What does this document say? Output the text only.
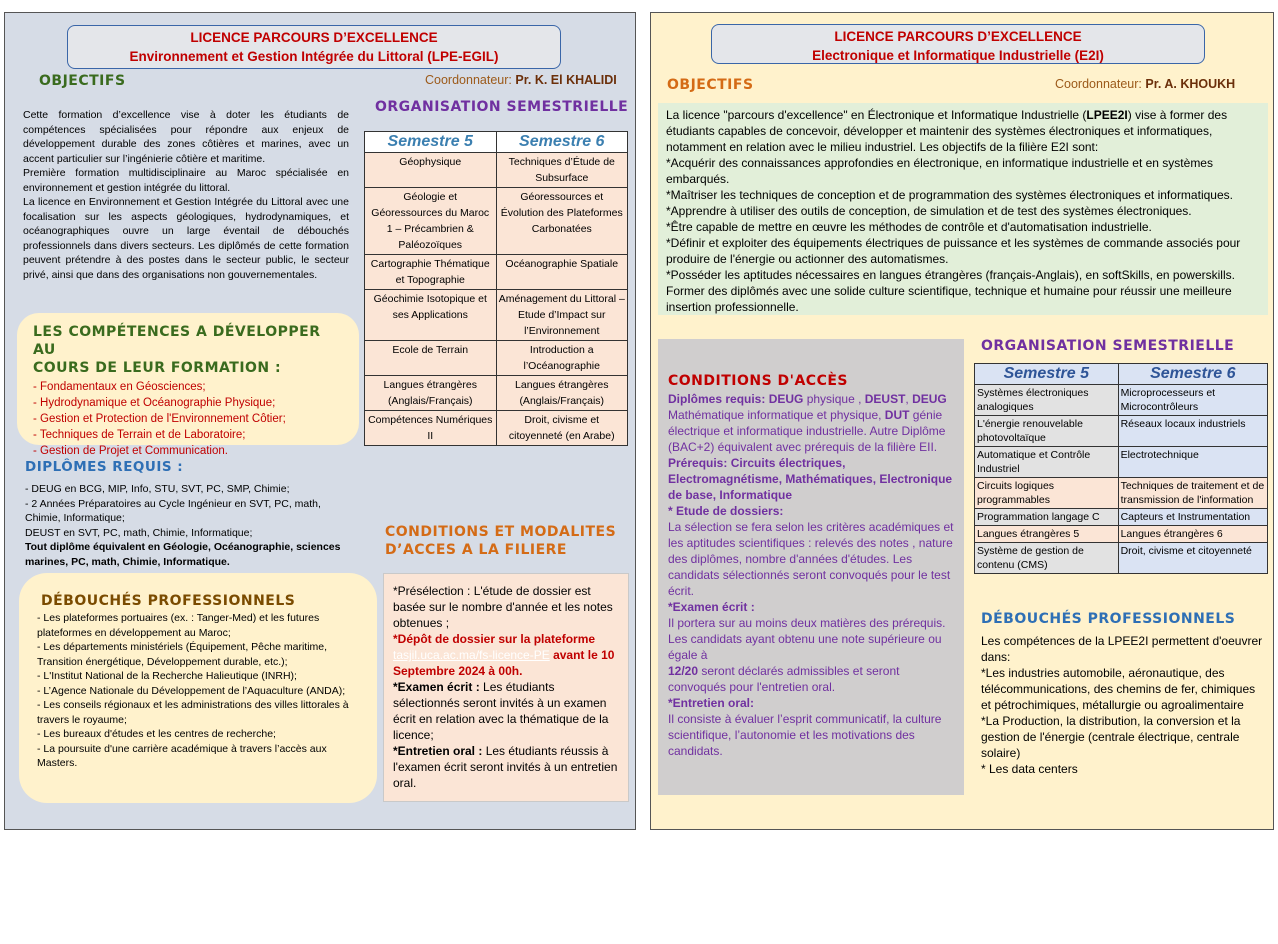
LICENCE PARCOURS D’EXCELLENCE
Environnement et Gestion Intégrée du Littoral (LPE-EGIL)
OBJECTIFS	Coordonnateur: Pr. K. El KHALIDI
Cette formation d’excellence vise à doter les étudiants de compétences spécialisées pour répondre aux enjeux de développement durable des zones côtières et marines, avec un accent particulier sur l’ingénierie côtière et maritime.
Première formation multidisciplinaire au Maroc spécialisée en environnement et gestion intégrée du littoral.
La licence en Environnement et Gestion Intégrée du Littoral avec une focalisation sur les aspects géologiques, hydrodynamiques, et océanographiques ouvre un large éventail de débouchés professionnels dans divers secteurs. Les diplômés de cette formation peuvent prétendre à des postes dans le secteur public, le secteur privé, ainsi que dans des organisations non gouvernementales.
ORGANISATION SEMESTRIELLE
Semestre 5	Semestre 6
Géophysique	Techniques d’Étude de Subsurface
Géologie et Géoressources du Maroc 1 – Précambrien & Paléozoïques	Géoressources et Évolution des Plateformes Carbonatées
Cartographie Thématique et Topographie	Océanographie Spatiale
Géochimie Isotopique et ses Applications	Aménagement du Littoral – Etude d’Impact sur l’Environnement
Ecole de Terrain	Introduction a l’Océanographie
Langues étrangères (Anglais/Français)	Langues étrangères (Anglais/Français)
Compétences Numériques II	Droit, civisme et citoyenneté (en Arabe)
LES COMPÉTENCES A DÉVELOPPER AU
COURS DE LEUR FORMATION :
- Fondamentaux en Géosciences;
- Hydrodynamique et Océanographie Physique;
- Gestion et Protection de l'Environnement Côtier;
- Techniques de Terrain et de Laboratoire;
- Gestion de Projet et Communication.
DIPLÔMES REQUIS :
- DEUG en BCG, MIP, Info, STU, SVT, PC, SMP, Chimie;
- 2 Années Préparatoires au Cycle Ingénieur en SVT, PC, math, Chimie, Informatique;
DEUST en SVT, PC, math, Chimie, Informatique;
Tout diplôme équivalent en Géologie, Océanographie, sciences marines, PC, math, Chimie, Informatique.
CONDITIONS ET MODALITES
D’ACCES A LA FILIERE
*Présélection : L'étude de dossier est basée sur le nombre d'année et les notes obtenues ;
*Dépôt de dossier sur la plateforme
tasjil.uca.ac.ma/fs-licence-PE avant le 10 Septembre 2024 à 00h.
*Examen écrit : Les étudiants sélectionnés seront invités à un examen écrit en relation avec la thématique de la licence;
*Entretien oral : Les étudiants réussis à l'examen écrit seront invités à un entretien oral.
DÉBOUCHÉS PROFESSIONNELS
- Les plateformes portuaires (ex. : Tanger-Med) et les futures plateformes en développement au Maroc;
- Les départements ministériels (Équipement, Pêche maritime, Transition énergétique, Développement durable, etc.);
- L'Institut National de la Recherche Halieutique (INRH);
- L’Agence Nationale du Développement de l’Aquaculture (ANDA);
- Les conseils régionaux et les administrations des villes littorales à travers le royaume;
- Les bureaux d'études et les centres de recherche;
- La poursuite d'une carrière académique à travers l’accès aux Masters.
LICENCE PARCOURS D’EXCELLENCE
Electronique et Informatique Industrielle (E2I)
OBJECTIFS	Coordonnateur: Pr. A. KHOUKH
La licence "parcours d'excellence" en Électronique et Informatique Industrielle (LPEE2I) vise à former des étudiants capables de concevoir, développer et maintenir des systèmes électroniques et informatiques, notamment en relation avec le milieu industriel. Les objectifs de la filière E2I sont:
*Acquérir des connaissances approfondies en électronique, en informatique industrielle et en systèmes embarqués.
*Maîtriser les techniques de conception et de programmation des systèmes électroniques et informatiques.
*Apprendre à utiliser des outils de conception, de simulation et de test des systèmes électroniques.
*Être capable de mettre en œuvre les méthodes de contrôle et d'automatisation industrielle.
*Définir et exploiter des équipements électriques de puissance et les systèmes de commande associés pour produire de l'énergie ou actionner des automatismes.
*Posséder les aptitudes nécessaires en langues étrangères (français-Anglais), en softSkills, en powerskills.
Former des diplômés avec une solide culture scientifique, technique et humaine pour réussir une meilleure insertion professionnelle.
ORGANISATION SEMESTRIELLE
Semestre 5	Semestre 6
Systèmes électroniques analogiques	Microprocesseurs et Microcontrôleurs
L'énergie renouvelable photovoltaïque	Réseaux locaux industriels
Automatique et Contrôle Industriel	Electrotechnique
Circuits logiques programmables	Techniques de traitement et de transmission de l'information
Programmation langage C	Capteurs et Instrumentation
Langues étrangères 5	Langues étrangères 6
Système de gestion de contenu (CMS)	Droit, civisme et citoyenneté
CONDITIONS D'ACCÈS
Diplômes requis: DEUG physique , DEUST, DEUG Mathématique informatique et physique, DUT génie électrique et informatique industrielle. Autre Diplôme (BAC+2) équivalent avec prérequis de la filière EII.
Prérequis: Circuits électriques, Electromagnétisme, Mathématiques, Electronique de base, Informatique
* Etude de dossiers:
La sélection se fera selon les critères académiques et les aptitudes scientifiques : relevés des notes , nature des diplômes, nombre d'années d'études. Les candidats sélectionnés seront convoqués pour le test écrit.
*Examen écrit :
Il portera sur au moins deux matières des prérequis. Les candidats ayant obtenu une note supérieure ou égale à
12/20 seront déclarés admissibles et seront convoqués pour l'entretien oral.
*Entretien oral:
Il consiste à évaluer l’esprit communicatif, la culture scientifique, l’autonomie et les motivations des candidats.
DÉBOUCHÉS PROFESSIONNELS
Les compétences de la LPEE2I permettent d'oeuvrer dans:
*Les industries automobile, aéronautique, des télécommunications, des chemins de fer, chimiques et pétrochimiques, métallurgie ou agroalimentaire
*La Production, la distribution, la conversion et la gestion de l'énergie (centrale électrique, centrale solaire)
* Les data centers
